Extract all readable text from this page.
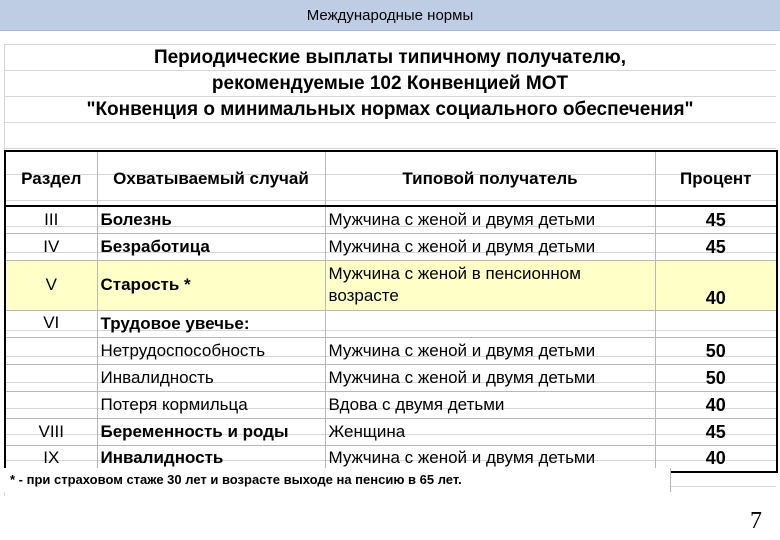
Международные нормы
Периодические выплаты типичному получателю,
рекомендуемые 102 Конвенцией МОТ
"Конвенция о минимальных нормах социального обеспечения"
Раздел	Охватываемый случай	Типовой получатель	Процент
III	Болезнь	Мужчина с женой и двумя детьми	45
IV	Безработица	Мужчина с женой и двумя детьми	45
V	Старость *	Мужчина с женой в пенсионном возрасте	40
VI	Трудовое увечье:		
	Нетрудоспособность	Мужчина с женой и двумя детьми	50
	Инвалидность	Мужчина с женой и двумя детьми	50
	Потеря кормильца	Вдова с двумя детьми	40
VIII	Беременность и роды	Женщина	45
IX	Инвалидность	Мужчина с женой и двумя детьми	40
* - при страховом стаже 30 лет и возрасте выходе на пенсию в 65 лет.
7
